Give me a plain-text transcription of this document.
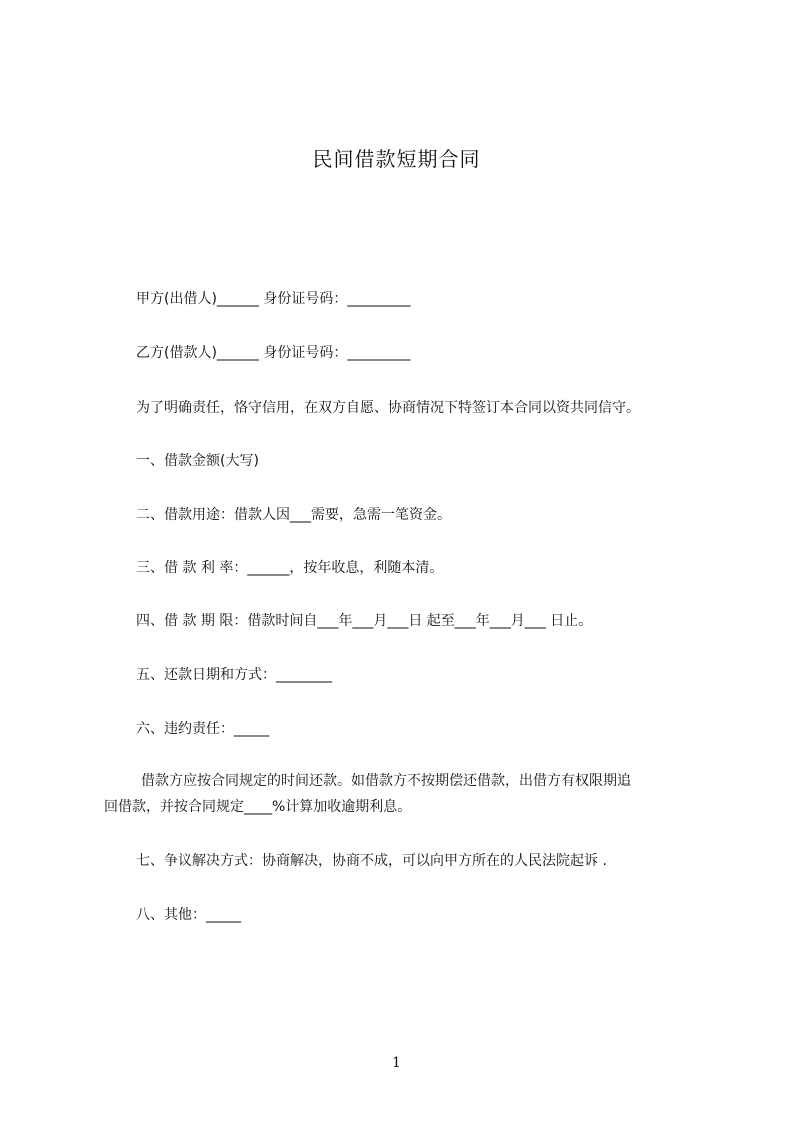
民间借款短期合同
甲方(出借人)______ 身份证号码：_________
乙方(借款人)______ 身份证号码：_________
为了明确责任，恪守信用，在双方自愿、协商情况下特签订本合同以资共同信守。
一、借款金额(大写)
二、借款用途：借款人因___需要，急需一笔资金。
三、借 款 利 率：______，按年收息，利随本清。
四、借 款 期 限：借款时间自___年___月___日 起至___年___月___ 日止。
五、还款日期和方式：________
六、违约责任：_____
借款方应按合同规定的时间还款。如借款方不按期偿还借款，出借方有权限期追
回借款，并按合同规定____%计算加收逾期利息。
七、争议解决方式：协商解决，协商不成，可以向甲方所在的人民法院起诉 .
八、其他：_____
1
